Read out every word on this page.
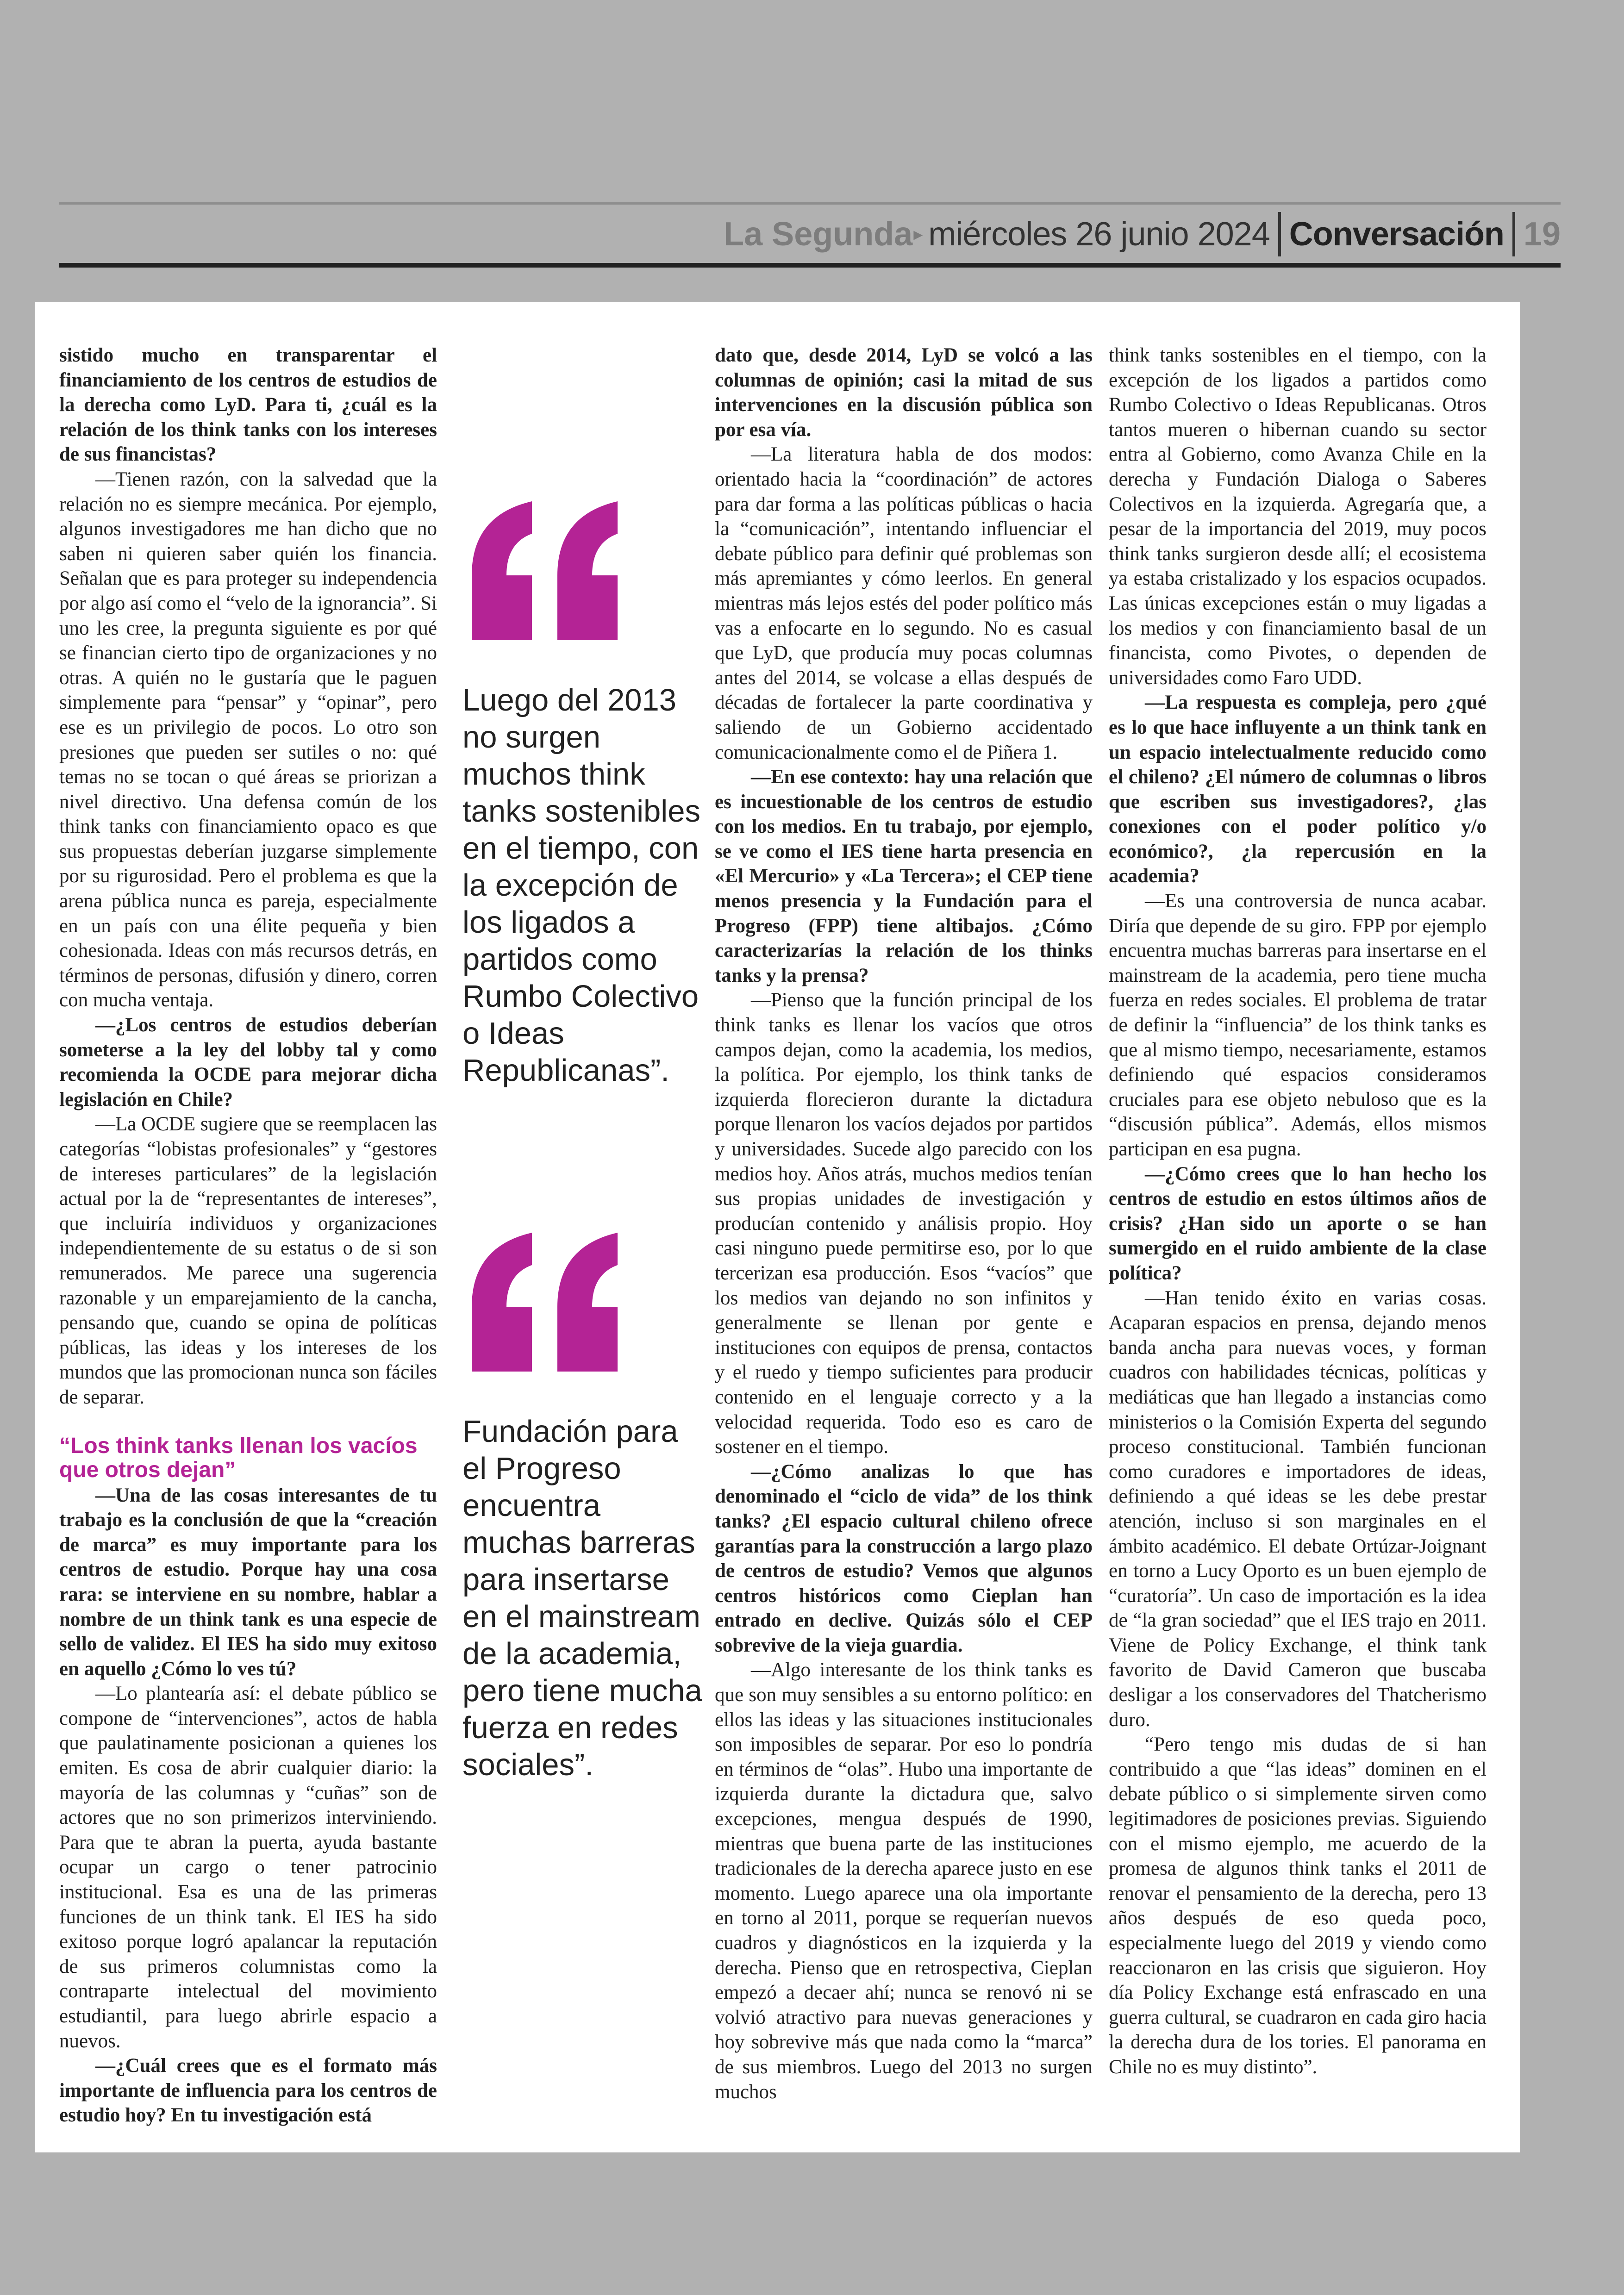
La Segunda ▸ miércoles 26 junio 2024 Conversación 19

sistido mucho en transparentar el financiamiento de los centros de estudios de la derecha como LyD. Para ti, ¿cuál es la relación de los think tanks con los intereses de sus financistas?

—Tienen razón, con la salvedad que la relación no es siempre mecánica. Por ejemplo, algunos investigadores me han dicho que no saben ni quieren saber quién los financia. Señalan que es para proteger su independencia por algo así como el “velo de la ignorancia”. Si uno les cree, la pregunta siguiente es por qué se financian cierto tipo de organizaciones y no otras. A quién no le gustaría que le paguen simplemente para “pensar” y “opinar”, pero ese es un privilegio de pocos. Lo otro son presiones que pueden ser sutiles o no: qué temas no se tocan o qué áreas se priorizan a nivel directivo. Una defensa común de los think tanks con financiamiento opaco es que sus propuestas deberían juzgarse simplemente por su rigurosidad. Pero el problema es que la arena pública nunca es pareja, especialmente en un país con una élite pequeña y bien cohesionada. Ideas con más recursos detrás, en términos de personas, difusión y dinero, corren con mucha ventaja.

—¿Los centros de estudios deberían someterse a la ley del lobby tal y como recomienda la OCDE para mejorar dicha legislación en Chile?

—La OCDE sugiere que se reemplacen las categorías “lobistas profesionales” y “gestores de intereses particulares” de la legislación actual por la de “representantes de intereses”, que incluiría individuos y organizaciones independientemente de su estatus o de si son remunerados. Me parece una sugerencia razonable y un emparejamiento de la cancha, pensando que, cuando se opina de políticas públicas, las ideas y los intereses de los mundos que las promocionan nunca son fáciles de separar.

“Los think tanks llenan los vacíos que otros dejan”

—Una de las cosas interesantes de tu trabajo es la conclusión de que la “creación de marca” es muy importante para los centros de estudio. Porque hay una cosa rara: se interviene en su nombre, hablar a nombre de un think tank es una especie de sello de validez. El IES ha sido muy exitoso en aquello ¿Cómo lo ves tú?

—Lo plantearía así: el debate público se compone de “intervenciones”, actos de habla que paulatinamente posicionan a quienes los emiten. Es cosa de abrir cualquier diario: la mayoría de las columnas y “cuñas” son de actores que no son primerizos interviniendo. Para que te abran la puerta, ayuda bastante ocupar un cargo o tener patrocinio institucional. Esa es una de las primeras funciones de un think tank. El IES ha sido exitoso porque logró apalancar la reputación de sus primeros columnistas como la contraparte intelectual del movimiento estudiantil, para luego abrirle espacio a nuevos.

—¿Cuál crees que es el formato más importante de influencia para los centros de estudio hoy? En tu investigación está

Luego del 2013 no surgen muchos think tanks sostenibles en el tiempo, con la excepción de los ligados a partidos como Rumbo Colectivo o Ideas Republicanas”.
Fundación para el Progreso encuentra muchas barreras para insertarse en el mainstream de la academia, pero tiene mucha fuerza en redes sociales”.

dato que, desde 2014, LyD se volcó a las columnas de opinión; casi la mitad de sus intervenciones en la discusión pública son por esa vía.

—La literatura habla de dos modos: orientado hacia la “coordinación” de actores para dar forma a las políticas públicas o hacia la “comunicación”, intentando influenciar el debate público para definir qué problemas son más apremiantes y cómo leerlos. En general mientras más lejos estés del poder político más vas a enfocarte en lo segundo. No es casual que LyD, que producía muy pocas columnas antes del 2014, se volcase a ellas después de décadas de fortalecer la parte coordinativa y saliendo de un Gobierno accidentado comunicacionalmente como el de Piñera 1.

—En ese contexto: hay una relación que es incuestionable de los centros de estudio con los medios. En tu trabajo, por ejemplo, se ve como el IES tiene harta presencia en «El Mercurio» y «La Tercera»; el CEP tiene menos presencia y la Fundación para el Progreso (FPP) tiene altibajos. ¿Cómo caracterizarías la relación de los thinks tanks y la prensa?

—Pienso que la función principal de los think tanks es llenar los vacíos que otros campos dejan, como la academia, los medios, la política. Por ejemplo, los think tanks de izquierda florecieron durante la dictadura porque llenaron los vacíos dejados por partidos y universidades. Sucede algo parecido con los medios hoy. Años atrás, muchos medios tenían sus propias unidades de investigación y producían contenido y análisis propio. Hoy casi ninguno puede permitirse eso, por lo que tercerizan esa producción. Esos “vacíos” que los medios van dejando no son infinitos y generalmente se llenan por gente e instituciones con equipos de prensa, contactos y el ruedo y tiempo suficientes para producir contenido en el lenguaje correcto y a la velocidad requerida. Todo eso es caro de sostener en el tiempo.

—¿Cómo analizas lo que has denominado el “ciclo de vida” de los think tanks? ¿El espacio cultural chileno ofrece garantías para la construcción a largo plazo de centros de estudio? Vemos que algunos centros históricos como Cieplan han entrado en declive. Quizás sólo el CEP sobrevive de la vieja guardia.

—Algo interesante de los think tanks es que son muy sensibles a su entorno político: en ellos las ideas y las situaciones institucionales son imposibles de separar. Por eso lo pondría en términos de “olas”. Hubo una importante de izquierda durante la dictadura que, salvo excepciones, mengua después de 1990, mientras que buena parte de las instituciones tradicionales de la derecha aparece justo en ese momento. Luego aparece una ola importante en torno al 2011, porque se requerían nuevos cuadros y diagnósticos en la izquierda y la derecha. Pienso que en retrospectiva, Cieplan empezó a decaer ahí; nunca se renovó ni se volvió atractivo para nuevas generaciones y hoy sobrevive más que nada como la “marca” de sus miembros. Luego del 2013 no surgen muchos

think tanks sostenibles en el tiempo, con la excepción de los ligados a partidos como Rumbo Colectivo o Ideas Republicanas. Otros tantos mueren o hibernan cuando su sector entra al Gobierno, como Avanza Chile en la derecha y Fundación Dialoga o Saberes Colectivos en la izquierda. Agregaría que, a pesar de la importancia del 2019, muy pocos think tanks surgieron desde allí; el ecosistema ya estaba cristalizado y los espacios ocupados. Las únicas excepciones están o muy ligadas a los medios y con financiamiento basal de un financista, como Pivotes, o dependen de universidades como Faro UDD.

—La respuesta es compleja, pero ¿qué es lo que hace influyente a un think tank en un espacio intelectualmente reducido como el chileno? ¿El número de columnas o libros que escriben sus investigadores?, ¿las conexiones con el poder político y/o económico?, ¿la repercusión en la academia?

—Es una controversia de nunca acabar. Diría que depende de su giro. FPP por ejemplo encuentra muchas barreras para insertarse en el mainstream de la academia, pero tiene mucha fuerza en redes sociales. El problema de tratar de definir la “influencia” de los think tanks es que al mismo tiempo, necesariamente, estamos definiendo qué espacios consideramos cruciales para ese objeto nebuloso que es la “discusión pública”. Además, ellos mismos participan en esa pugna.

—¿Cómo crees que lo han hecho los centros de estudio en estos últimos años de crisis? ¿Han sido un aporte o se han sumergido en el ruido ambiente de la clase política?

—Han tenido éxito en varias cosas. Acaparan espacios en prensa, dejando menos banda ancha para nuevas voces, y forman cuadros con habilidades técnicas, políticas y mediáticas que han llegado a instancias como ministerios o la Comisión Experta del segundo proceso constitucional. También funcionan como curadores e importadores de ideas, definiendo a qué ideas se les debe prestar atención, incluso si son marginales en el ámbito académico. El debate Ortúzar-Joignant en torno a Lucy Oporto es un buen ejemplo de “curatoría”. Un caso de importación es la idea de “la gran sociedad” que el IES trajo en 2011. Viene de Policy Exchange, el think tank favorito de David Cameron que buscaba desligar a los conservadores del Thatcherismo duro.

“Pero tengo mis dudas de si han contribuido a que “las ideas” dominen en el debate público o si simplemente sirven como legitimadores de posiciones previas. Siguiendo con el mismo ejemplo, me acuerdo de la promesa de algunos think tanks el 2011 de renovar el pensamiento de la derecha, pero 13 años después de eso queda poco, especialmente luego del 2019 y viendo como reaccionaron en las crisis que siguieron. Hoy día Policy Exchange está enfrascado en una guerra cultural, se cuadraron en cada giro hacia la derecha dura de los tories. El panorama en Chile no es muy distinto”.
